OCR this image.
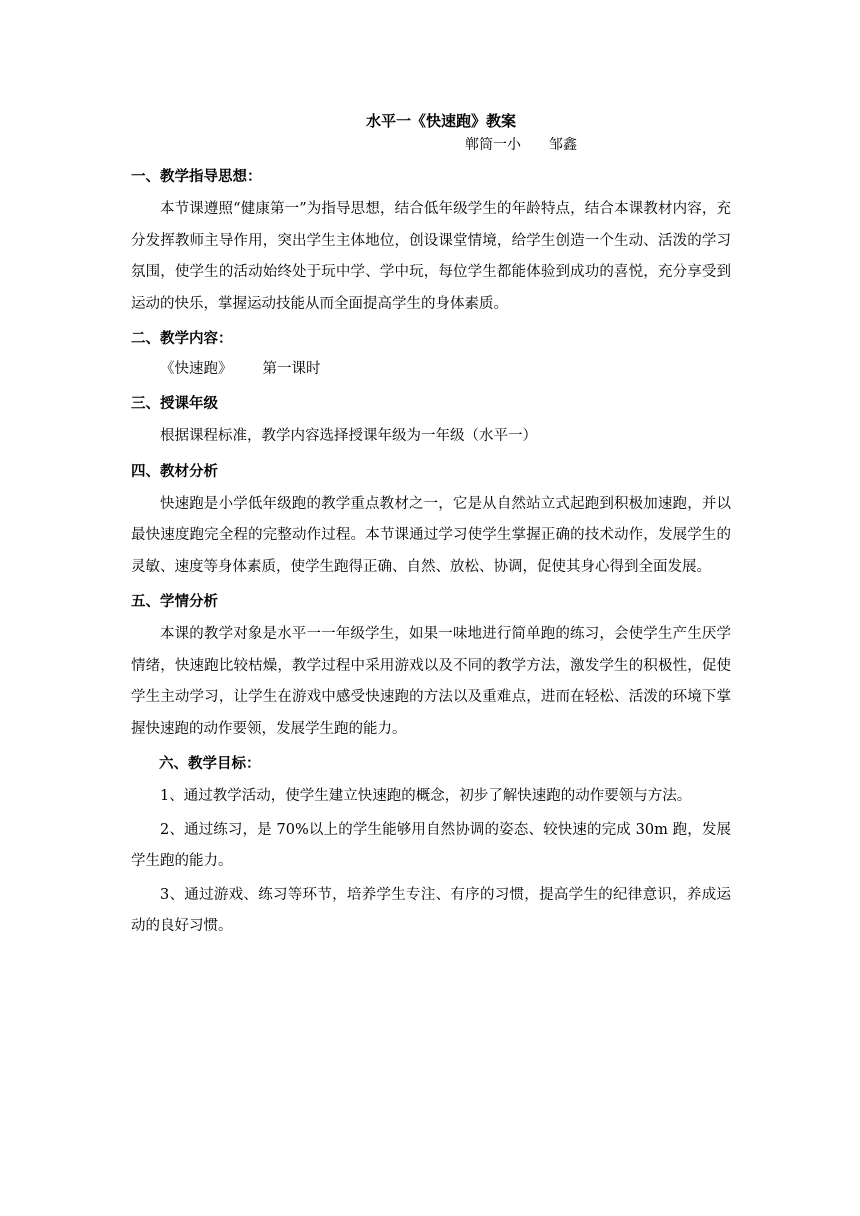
水平一《快速跑》教案
郸筒一小 邹鑫
一、教学指导思想：
本节课遵照“健康第一”为指导思想，结合低年级学生的年龄特点，结合本课教材内容，充分发挥教师主导作用，突出学生主体地位，创设课堂情境，给学生创造一个生动、活泼的学习氛围，使学生的活动始终处于玩中学、学中玩，每位学生都能体验到成功的喜悦，充分享受到运动的快乐，掌握运动技能从而全面提高学生的身体素质。
二、教学内容：
《快速跑》 第一课时
三、授课年级
根据课程标准，教学内容选择授课年级为一年级（水平一）
四、教材分析
快速跑是小学低年级跑的教学重点教材之一，它是从自然站立式起跑到积极加速跑，并以最快速度跑完全程的完整动作过程。本节课通过学习使学生掌握正确的技术动作，发展学生的灵敏、速度等身体素质，使学生跑得正确、自然、放松、协调，促使其身心得到全面发展。
五、学情分析
本课的教学对象是水平一一年级学生，如果一味地进行简单跑的练习，会使学生产生厌学情绪，快速跑比较枯燥，教学过程中采用游戏以及不同的教学方法，激发学生的积极性，促使学生主动学习，让学生在游戏中感受快速跑的方法以及重难点，进而在轻松、活泼的环境下掌握快速跑的动作要领，发展学生跑的能力。
六、教学目标：
1、通过教学活动，使学生建立快速跑的概念，初步了解快速跑的动作要领与方法。
2、通过练习，是 70%以上的学生能够用自然协调的姿态、较快速的完成 30m 跑，发展学生跑的能力。
3、通过游戏、练习等环节，培养学生专注、有序的习惯，提高学生的纪律意识，养成运动的良好习惯。
